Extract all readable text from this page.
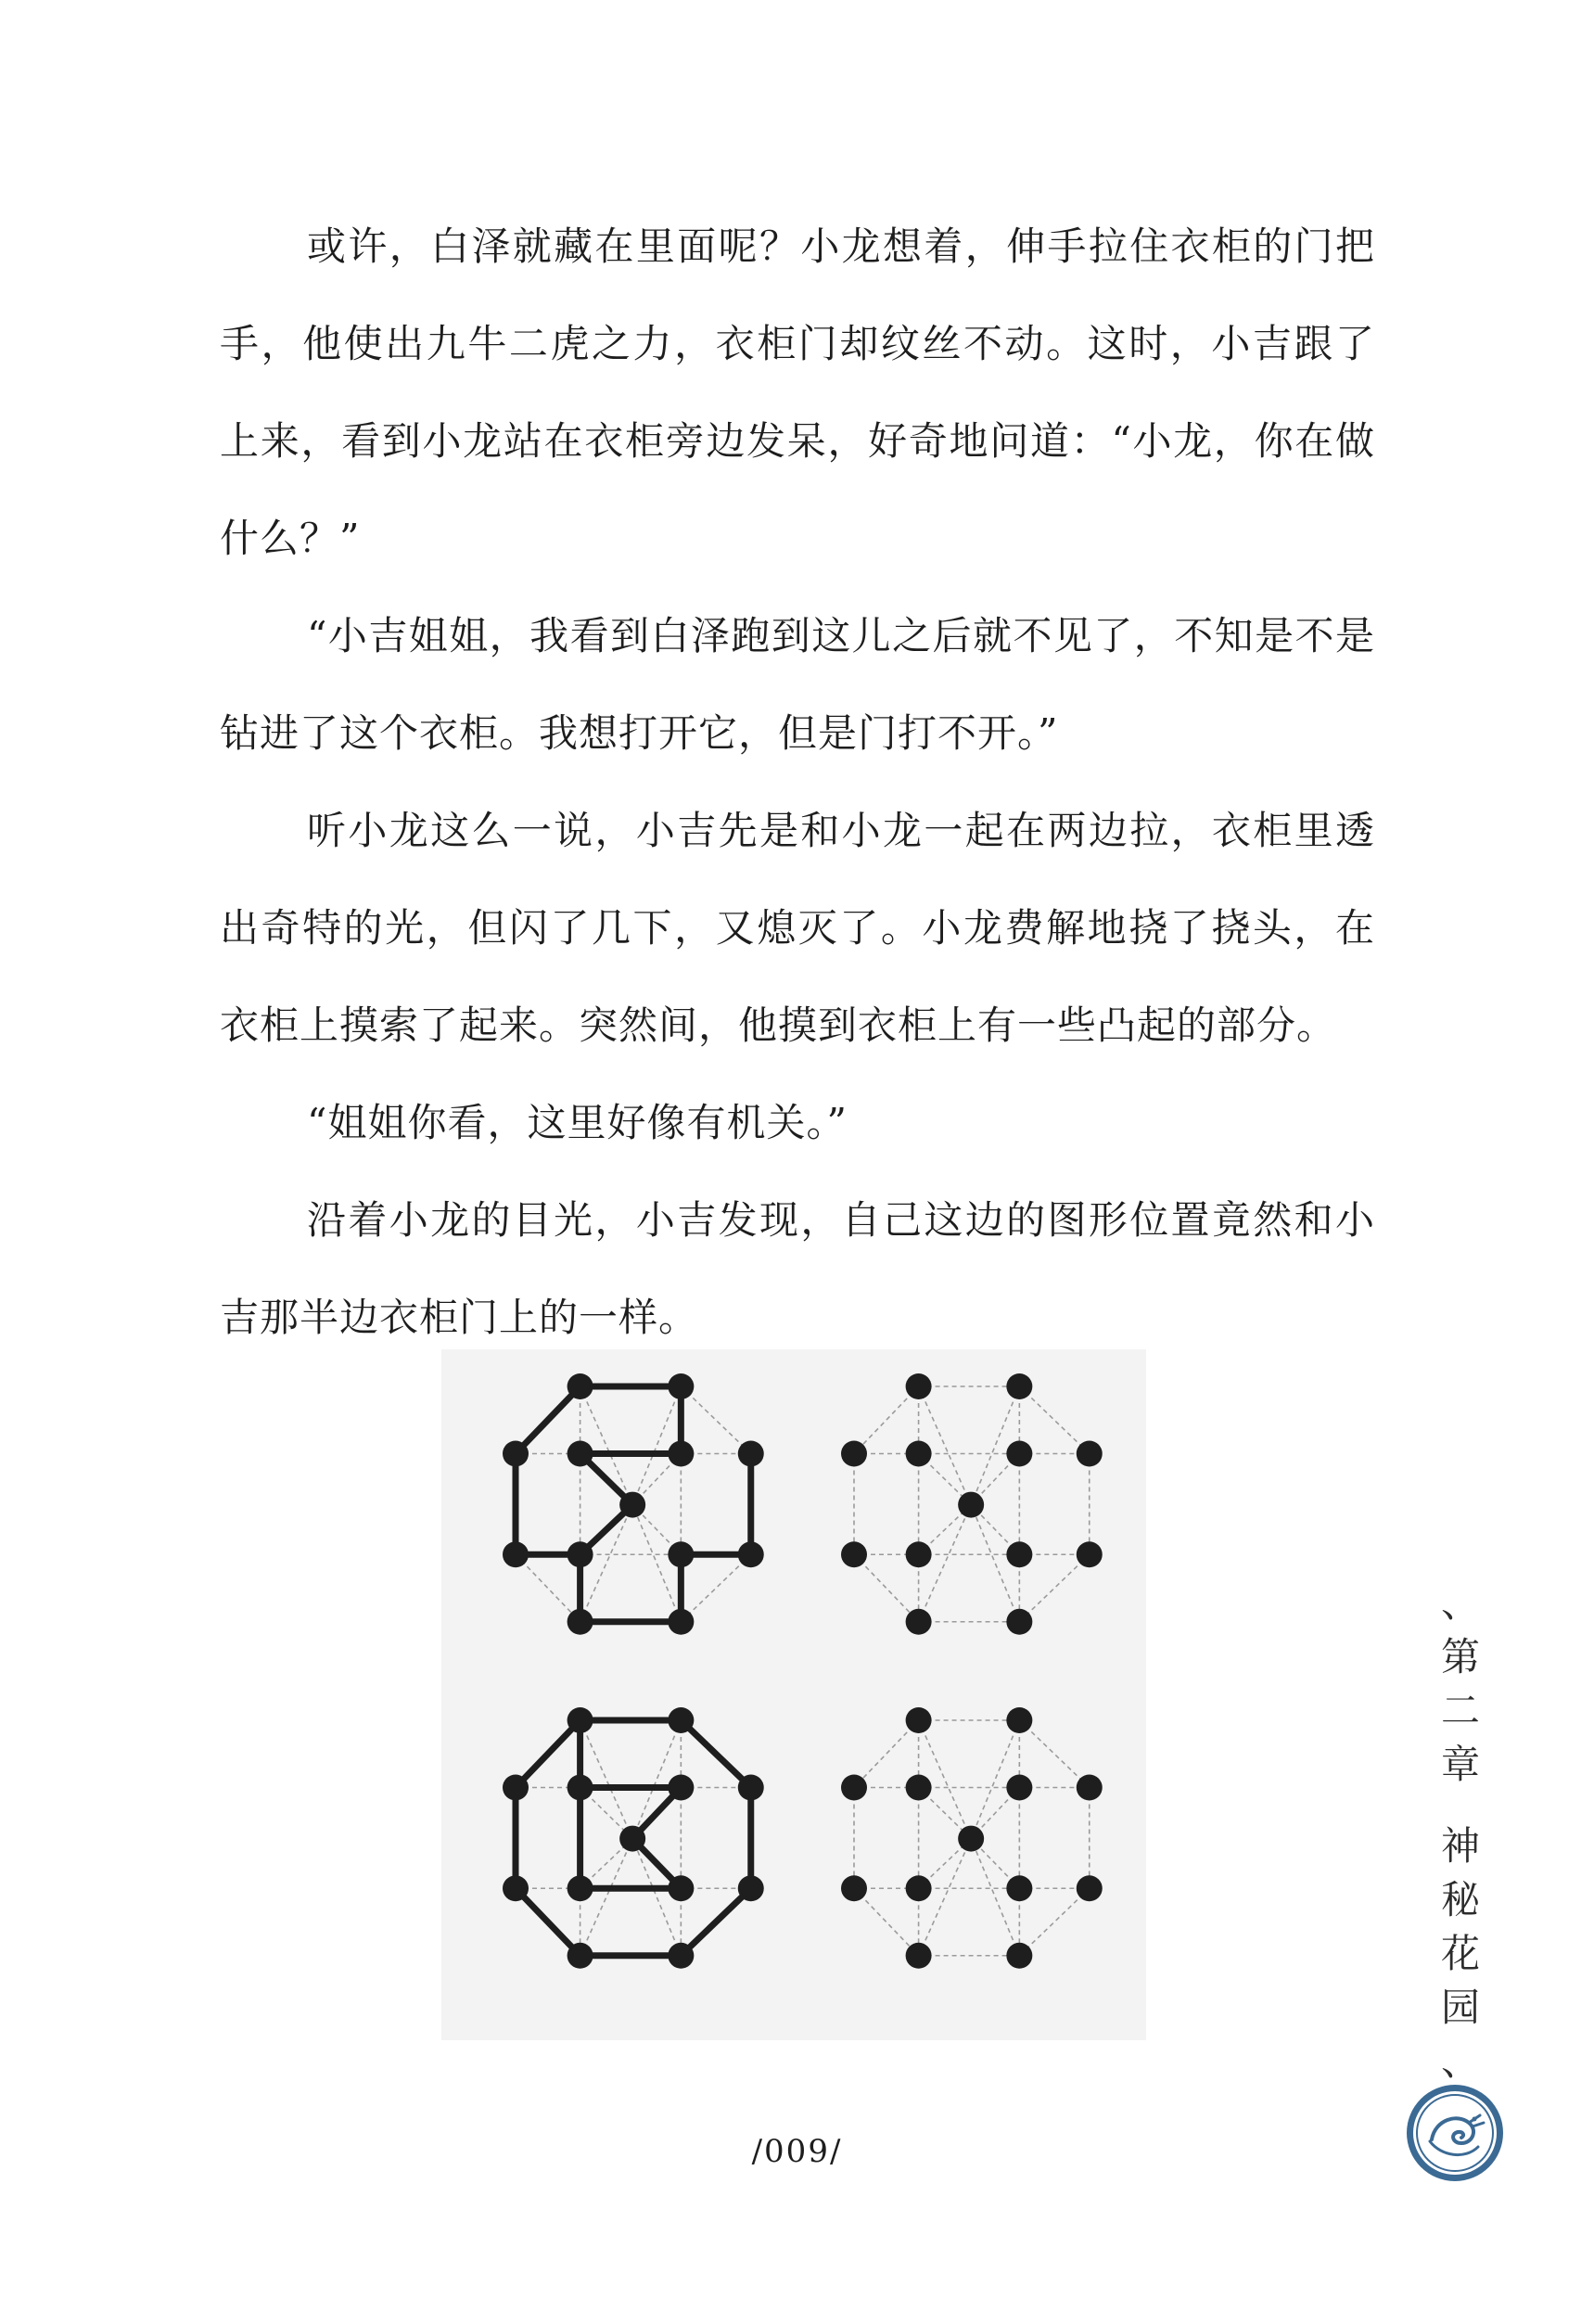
或许，白泽就藏在里面呢？小龙想着，伸手拉住衣柜的门把手，他使出九牛二虎之力，衣柜门却纹丝不动。这时，小吉跟了上来，看到小龙站在衣柜旁边发呆，好奇地问道：“小龙，你在做什么？”

“小吉姐姐，我看到白泽跑到这儿之后就不见了，不知是不是钻进了这个衣柜。我想打开它，但是门打不开。”

听小龙这么一说，小吉先是和小龙一起在两边拉，衣柜里透出奇特的光，但闪了几下，又熄灭了。小龙费解地挠了挠头，在衣柜上摸索了起来。突然间，他摸到衣柜上有一些凸起的部分。

“姐姐你看，这里好像有机关。”

沿着小龙的目光，小吉发现，自己这边的图形位置竟然和小吉那半边衣柜门上的一样。

/009/
、
第
二
章
神
秘
花
园
、
